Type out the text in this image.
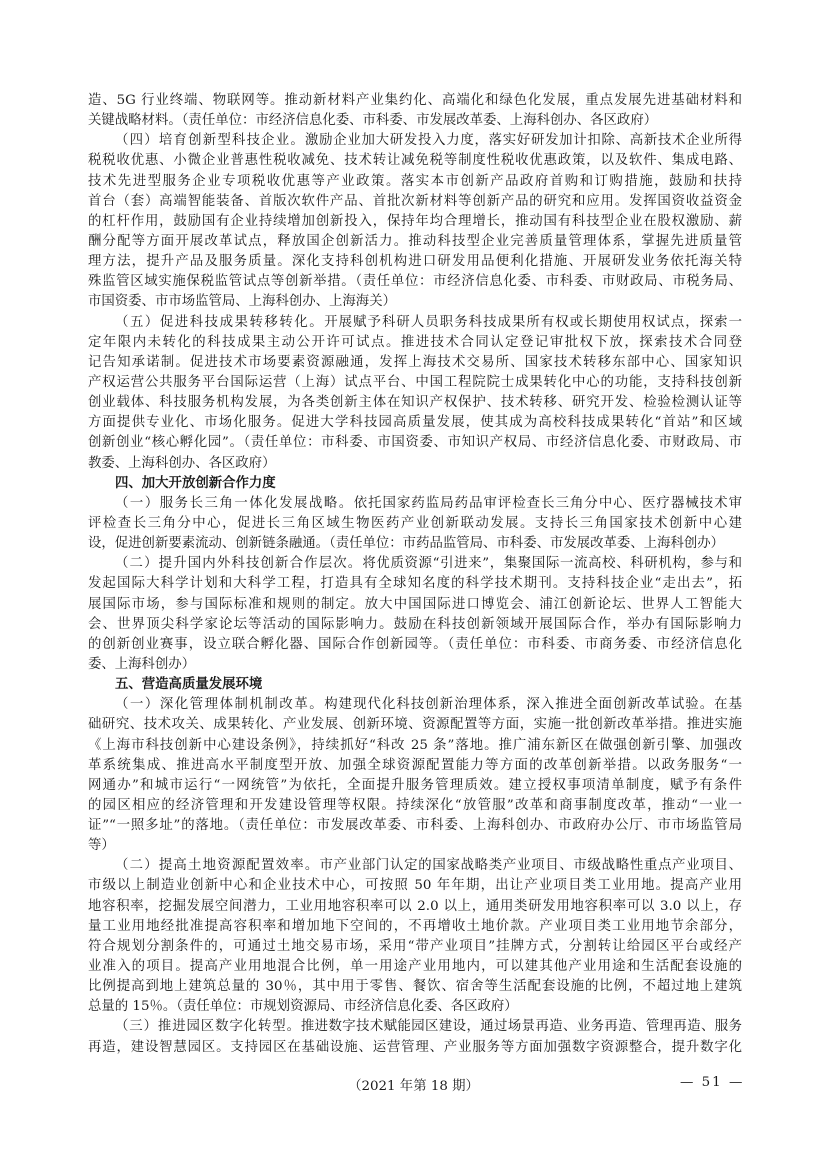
造、5G 行业终端、物联网等。推动新材料产业集约化、高端化和绿色化发展，重点发展先进基础材料和
关键战略材料。（责任单位：市经济信息化委、市科委、市发展改革委、上海科创办、各区政府）
（四）培育创新型科技企业。激励企业加大研发投入力度，落实好研发加计扣除、高新技术企业所得
税税收优惠、小微企业普惠性税收减免、技术转让减免税等制度性税收优惠政策，以及软件、集成电路、
技术先进型服务企业专项税收优惠等产业政策。落实本市创新产品政府首购和订购措施，鼓励和扶持
首台（套）高端智能装备、首版次软件产品、首批次新材料等创新产品的研究和应用。发挥国资收益资金
的杠杆作用，鼓励国有企业持续增加创新投入，保持年均合理增长，推动国有科技型企业在股权激励、薪
酬分配等方面开展改革试点，释放国企创新活力。推动科技型企业完善质量管理体系，掌握先进质量管
理方法，提升产品及服务质量。深化支持科创机构进口研发用品便利化措施、开展研发业务依托海关特
殊监管区域实施保税监管试点等创新举措。（责任单位：市经济信息化委、市科委、市财政局、市税务局、
市国资委、市市场监管局、上海科创办、上海海关）
（五）促进科技成果转移转化。开展赋予科研人员职务科技成果所有权或长期使用权试点，探索一
定年限内未转化的科技成果主动公开许可试点。推进技术合同认定登记审批权下放，探索技术合同登
记告知承诺制。促进技术市场要素资源融通，发挥上海技术交易所、国家技术转移东部中心、国家知识
产权运营公共服务平台国际运营（上海）试点平台、中国工程院院士成果转化中心的功能，支持科技创新
创业载体、科技服务机构发展，为各类创新主体在知识产权保护、技术转移、研究开发、检验检测认证等
方面提供专业化、市场化服务。促进大学科技园高质量发展，使其成为高校科技成果转化“首站”和区域
创新创业“核心孵化园”。（责任单位：市科委、市国资委、市知识产权局、市经济信息化委、市财政局、市
教委、上海科创办、各区政府）
四、加大开放创新合作力度
（一）服务长三角一体化发展战略。依托国家药监局药品审评检查长三角分中心、医疗器械技术审
评检查长三角分中心，促进长三角区域生物医药产业创新联动发展。支持长三角国家技术创新中心建
设，促进创新要素流动、创新链条融通。（责任单位：市药品监管局、市科委、市发展改革委、上海科创办）
（二）提升国内外科技创新合作层次。将优质资源“引进来”，集聚国际一流高校、科研机构，参与和
发起国际大科学计划和大科学工程，打造具有全球知名度的科学技术期刊。支持科技企业“走出去”，拓
展国际市场，参与国际标准和规则的制定。放大中国国际进口博览会、浦江创新论坛、世界人工智能大
会、世界顶尖科学家论坛等活动的国际影响力。鼓励在科技创新领域开展国际合作，举办有国际影响力
的创新创业赛事，设立联合孵化器、国际合作创新园等。（责任单位：市科委、市商务委、市经济信息化
委、上海科创办）
五、营造高质量发展环境
（一）深化管理体制机制改革。构建现代化科技创新治理体系，深入推进全面创新改革试验。在基
础研究、技术攻关、成果转化、产业发展、创新环境、资源配置等方面，实施一批创新改革举措。推进实施
《上海市科技创新中心建设条例》，持续抓好“科改 25 条”落地。推广浦东新区在做强创新引擎、加强改
革系统集成、推进高水平制度型开放、加强全球资源配置能力等方面的改革创新举措。以政务服务“一
网通办”和城市运行“一网统管”为依托，全面提升服务管理质效。建立授权事项清单制度，赋予有条件
的园区相应的经济管理和开发建设管理等权限。持续深化“放管服”改革和商事制度改革，推动“一业一
证”“一照多址”的落地。（责任单位：市发展改革委、市科委、上海科创办、市政府办公厅、市市场监管局
等）
（二）提高土地资源配置效率。市产业部门认定的国家战略类产业项目、市级战略性重点产业项目、
市级以上制造业创新中心和企业技术中心，可按照 50 年年期，出让产业项目类工业用地。提高产业用
地容积率，挖掘发展空间潜力，工业用地容积率可以 2.0 以上，通用类研发用地容积率可以 3.0 以上，存
量工业用地经批准提高容积率和增加地下空间的，不再增收土地价款。产业项目类工业用地节余部分，
符合规划分割条件的，可通过土地交易市场，采用“带产业项目”挂牌方式，分割转让给园区平台或经产
业准入的项目。提高产业用地混合比例，单一用途产业用地内，可以建其他产业用途和生活配套设施的
比例提高到地上建筑总量的 30％，其中用于零售、餐饮、宿舍等生活配套设施的比例，不超过地上建筑
总量的 15％。（责任单位：市规划资源局、市经济信息化委、各区政府）
（三）推进园区数字化转型。推进数字技术赋能园区建设，通过场景再造、业务再造、管理再造、服务
再造，建设智慧园区。支持园区在基础设施、运营管理、产业服务等方面加强数字资源整合，提升数字化
（2021 年第 18 期）	— 51 —
